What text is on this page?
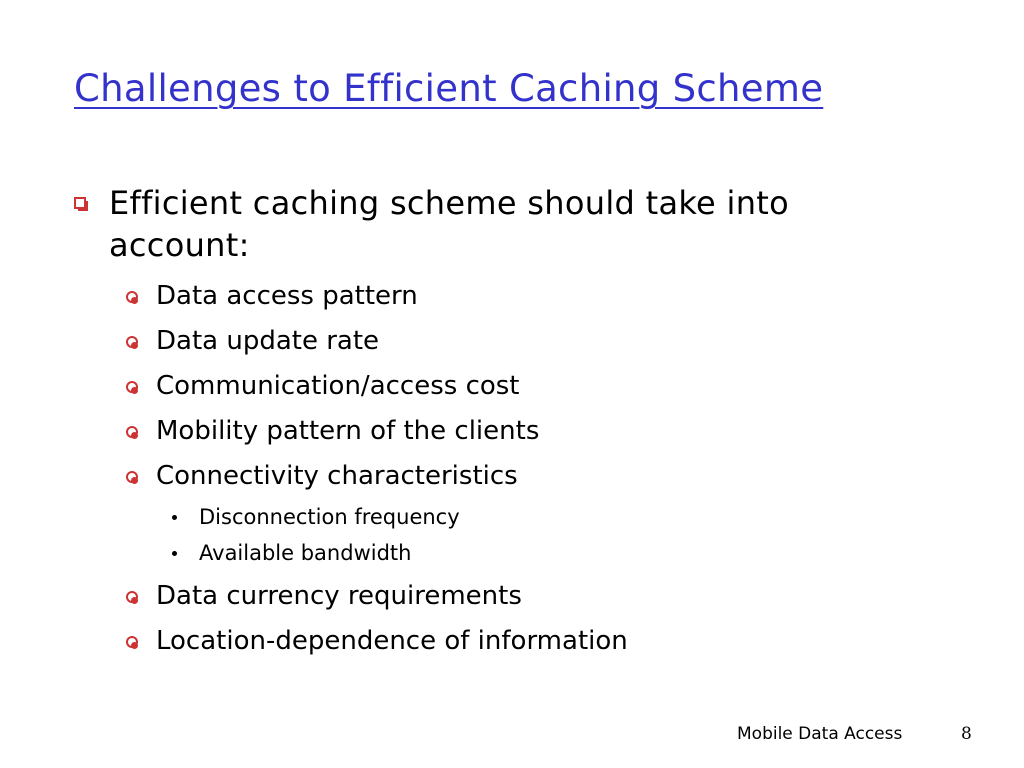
Challenges to Efficient Caching Scheme
Efficient caching scheme should take into account:
Data access pattern
Data update rate
Communication/access cost
Mobility pattern of the clients
Connectivity characteristics
Disconnection frequency
Available bandwidth
Data currency requirements
Location-dependence of information
Mobile Data Access	8
